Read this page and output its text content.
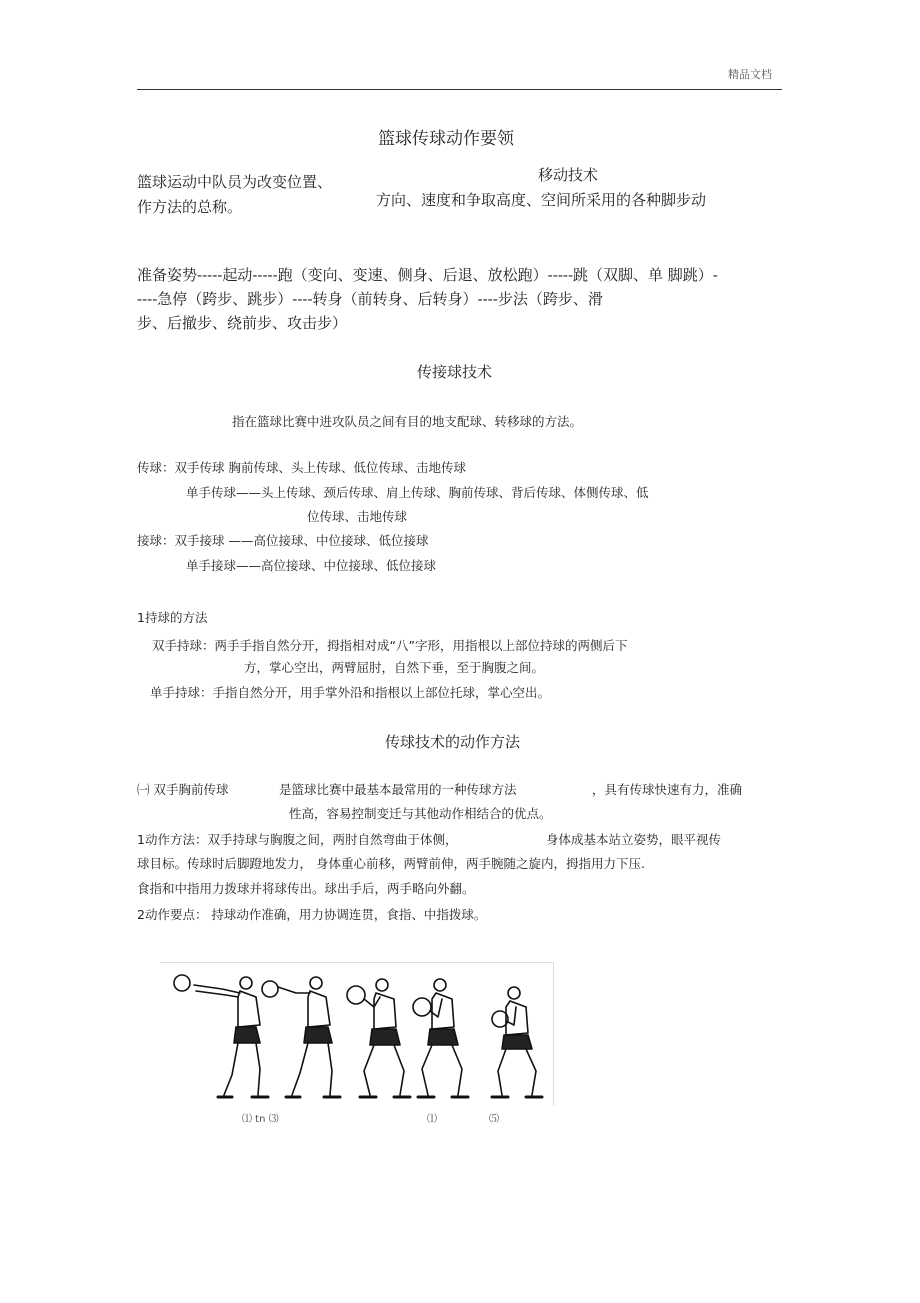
精品文档
篮球传球动作要领
移动技术
篮球运动中队员为改变位置、
作方法的总称。	方向、速度和争取高度、空间所采用的各种脚步动
准备姿势-----起动-----跑（变向、变速、侧身、后退、放松跑）-----跳（双脚、单 脚跳）-
----急停（跨步、跳步）----转身（前转身、后转身）----步法（跨步、滑
步、后撤步、绕前步、攻击步）
传接球技术
指在篮球比赛中进攻队员之间有目的地支配球、转移球的方法。
传球：双手传球 胸前传球、头上传球、低位传球、击地传球
单手传球——头上传球、颈后传球、肩上传球、胸前传球、背后传球、体侧传球、低
位传球、击地传球
接球：双手接球 ——高位接球、中位接球、低位接球
单手接球——高位接球、中位接球、低位接球
1持球的方法
双手持球：两手手指自然分开，拇指相对成“八”字形，用指根以上部位持球的两侧后下
方，掌心空出，两臂屈肘，自然下垂，至于胸腹之间。
单手持球：手指自然分开，用手掌外沿和指根以上部位托球，掌心空出。
传球技术的动作方法
㈠ 双手胸前传球	是篮球比赛中最基本最常用的一种传球方法	，具有传球快速有力，准确
性高，容易控制变迁与其他动作相结合的优点。
1动作方法：双手持球与胸腹之间，两肘自然弯曲于体侧，	身体成基本站立姿势，眼平视传
球目标。传球时后脚蹬地发力， 身体重心前移，两臂前伸，两手腕随之旋内，拇指用力下压.
食指和中指用力拨球并将球传出。球出手后，两手略向外翻。
2动作要点： 持球动作准确，用力协调连贯，食指、中指拨球。
⑴ tn ⑶	⑴	⑸
